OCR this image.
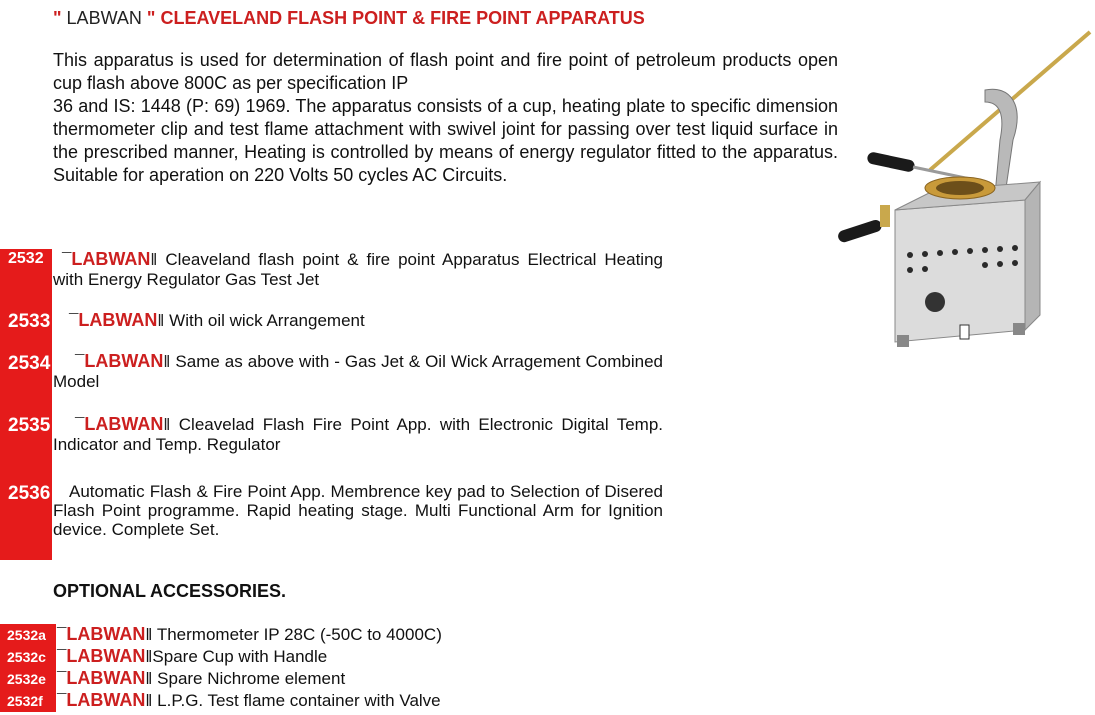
" LABWAN " CLEAVELAND FLASH POINT & FIRE POINT APPARATUS

This apparatus is used for determination of flash point and fire point of petroleum products open cup flash above 800C as per specification IP

36 and IS: 1448 (P: 69) 1969. The apparatus consists of a cup, heating plate to specific dimension thermometer clip and test flame attachment with swivel joint for passing over test liquid surface in the prescribed manner, Heating is controlled by means of energy regulator fitted to the apparatus. Suitable for aperation on 220 Volts 50 cycles AC Circuits.

2532	¯LABWAN‖ Cleaveland flash point & fire point Apparatus Electrical Heating with Energy Regulator Gas Test Jet
2533	¯LABWAN‖ With oil wick Arrangement
2534	¯LABWAN‖ Same as above with - Gas Jet & Oil Wick Arragement Combined Model
2535	¯LABWAN‖ Cleavelad Flash Fire Point App. with Electronic Digital Temp. Indicator and Temp. Regulator
2536	Automatic Flash & Fire Point App. Membrence key pad to Selection of Disered Flash Point programme. Rapid heating stage. Multi Functional Arm for Ignition device. Complete Set.
OPTIONAL ACCESSORIES.
2532a ¯LABWAN‖ Thermometer IP 28C (-50C to 4000C)
2532c ¯LABWAN‖Spare Cup with Handle
2532e ¯LABWAN‖ Spare Nichrome element
2532f ¯LABWAN‖ L.P.G. Test flame container with Valve
